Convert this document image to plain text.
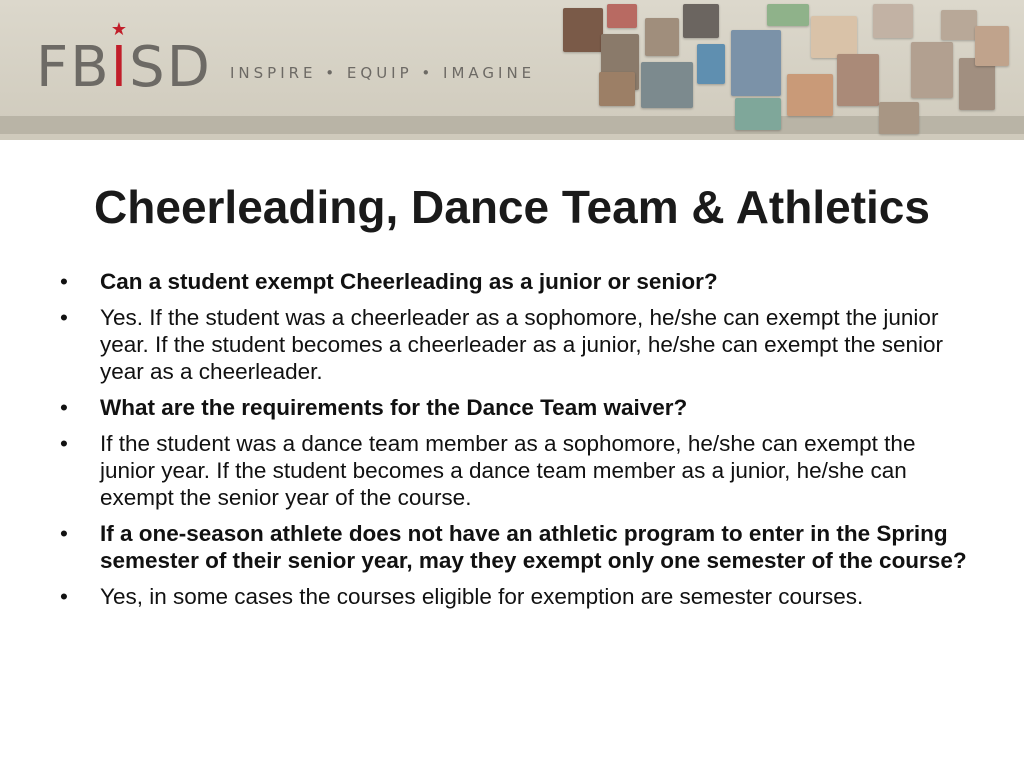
FB
★
ISD INSPIRE • EQUIP • IMAGINE
Cheerleading, Dance Team & Athletics
• Can a student exempt Cheerleading as a junior or senior?
• Yes. If the student was a cheerleader as a sophomore, he/she can exempt the junior year. If the student becomes a cheerleader as a junior, he/she can exempt the senior year as a cheerleader.
• What are the requirements for the Dance Team waiver?
• If the student was a dance team member as a sophomore, he/she can exempt the junior year. If the student becomes a dance team member as a junior, he/she can exempt the senior year of the course.
• If a one-season athlete does not have an athletic program to enter in the Spring semester of their senior year, may they exempt only one semester of the course?
• Yes, in some cases the courses eligible for exemption are semester courses.
